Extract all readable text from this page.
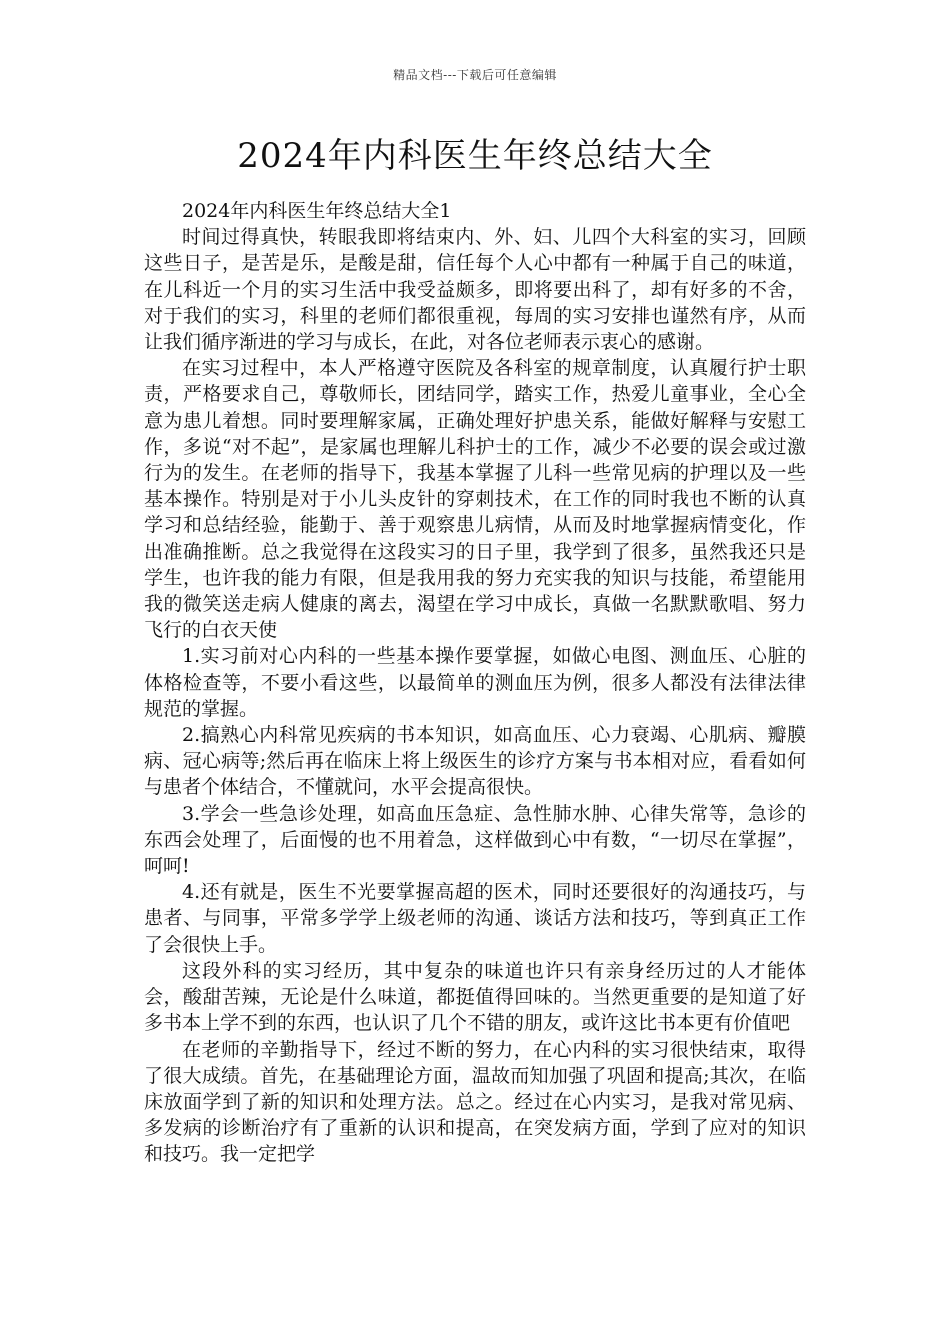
精品文档---下载后可任意编辑
2024年内科医生年终总结大全

2024年内科医生年终总结大全1

时间过得真快，转眼我即将结束内、外、妇、儿四个大科室的实习，回顾这些日子，是苦是乐，是酸是甜，信任每个人心中都有一种属于自己的味道，在儿科近一个月的实习生活中我受益颇多，即将要出科了，却有好多的不舍，对于我们的实习，科里的老师们都很重视，每周的实习安排也谨然有序，从而让我们循序渐进的学习与成长，在此，对各位老师表示衷心的感谢。

在实习过程中，本人严格遵守医院及各科室的规章制度，认真履行护士职责，严格要求自己，尊敬师长，团结同学，踏实工作，热爱儿童事业，全心全意为患儿着想。同时要理解家属，正确处理好护患关系，能做好解释与安慰工作，多说“对不起”，是家属也理解儿科护士的工作，减少不必要的误会或过激行为的发生。在老师的指导下，我基本掌握了儿科一些常见病的护理以及一些基本操作。特别是对于小儿头皮针的穿刺技术，在工作的同时我也不断的认真学习和总结经验，能勤于、善于观察患儿病情，从而及时地掌握病情变化，作出准确推断。总之我觉得在这段实习的日子里，我学到了很多，虽然我还只是学生，也许我的能力有限，但是我用我的努力充实我的知识与技能，希望能用我的微笑送走病人健康的离去，渴望在学习中成长，真做一名默默歌唱、努力飞行的白衣天使

1.实习前对心内科的一些基本操作要掌握，如做心电图、测血压、心脏的体格检查等，不要小看这些，以最简单的测血压为例，很多人都没有法律法律规范的掌握。

2.搞熟心内科常见疾病的书本知识，如高血压、心力衰竭、心肌病、瓣膜病、冠心病等;然后再在临床上将上级医生的诊疗方案与书本相对应，看看如何与患者个体结合，不懂就问，水平会提高很快。

3.学会一些急诊处理，如高血压急症、急性肺水肿、心律失常等，急诊的东西会处理了，后面慢的也不用着急，这样做到心中有数，“一切尽在掌握”，呵呵!

4.还有就是，医生不光要掌握高超的医术，同时还要很好的沟通技巧，与患者、与同事，平常多学学上级老师的沟通、谈话方法和技巧，等到真正工作了会很快上手。

这段外科的实习经历，其中复杂的味道也许只有亲身经历过的人才能体会，酸甜苦辣，无论是什么味道，都挺值得回味的。当然更重要的是知道了好多书本上学不到的东西，也认识了几个不错的朋友，或许这比书本更有价值吧

在老师的辛勤指导下，经过不断的努力，在心内科的实习很快结束，取得了很大成绩。首先，在基础理论方面，温故而知加强了巩固和提高;其次，在临床放面学到了新的知识和处理方法。总之。经过在心内实习，是我对常见病、多发病的诊断治疗有了重新的认识和提高，在突发病方面，学到了应对的知识和技巧。我一定把学
